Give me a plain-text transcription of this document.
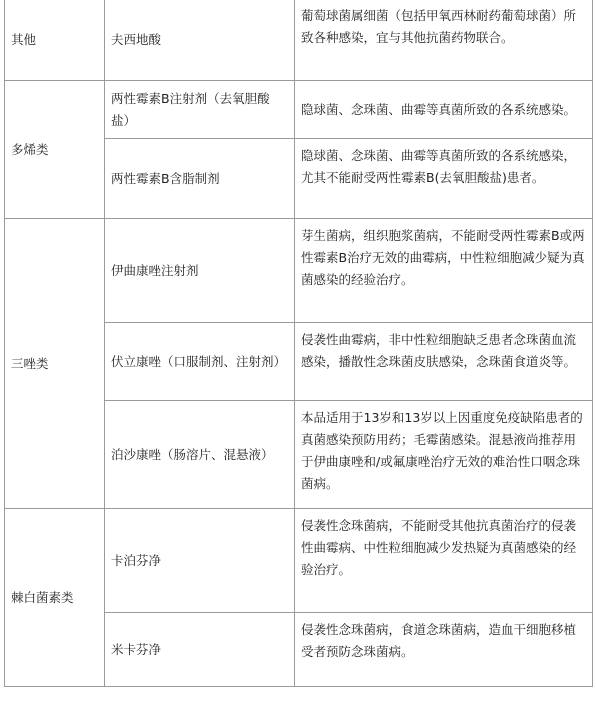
其他	夫西地酸	葡萄球菌属细菌（包括甲氧西林耐药葡萄球菌）所致各种感染，宜与其他抗菌药物联合。
多烯类	两性霉素B注射剂（去氧胆酸盐）	隐球菌、念珠菌、曲霉等真菌所致的各系统感染。
	两性霉素B含脂制剂	隐球菌、念珠菌、曲霉等真菌所致的各系统感染，尤其不能耐受两性霉素B(去氧胆酸盐)患者。
三唑类	伊曲康唑注射剂	芽生菌病，组织胞浆菌病，不能耐受两性霉素B或两性霉素B治疗无效的曲霉病，中性粒细胞减少疑为真菌感染的经验治疗。
	伏立康唑（口服制剂、注射剂）	侵袭性曲霉病，非中性粒细胞缺乏患者念珠菌血流感染，播散性念珠菌皮肤感染，念珠菌食道炎等。
	泊沙康唑（肠溶片、混悬液）	本品适用于13岁和13岁以上因重度免疫缺陷患者的真菌感染预防用药；毛霉菌感染。混悬液尚推荐用于伊曲康唑和/或氟康唑治疗无效的难治性口咽念珠菌病。
棘白菌素类	卡泊芬净	侵袭性念珠菌病，不能耐受其他抗真菌治疗的侵袭性曲霉病、中性粒细胞减少发热疑为真菌感染的经验治疗。
	米卡芬净	侵袭性念珠菌病，食道念珠菌病，造血干细胞移植受者预防念珠菌病。
